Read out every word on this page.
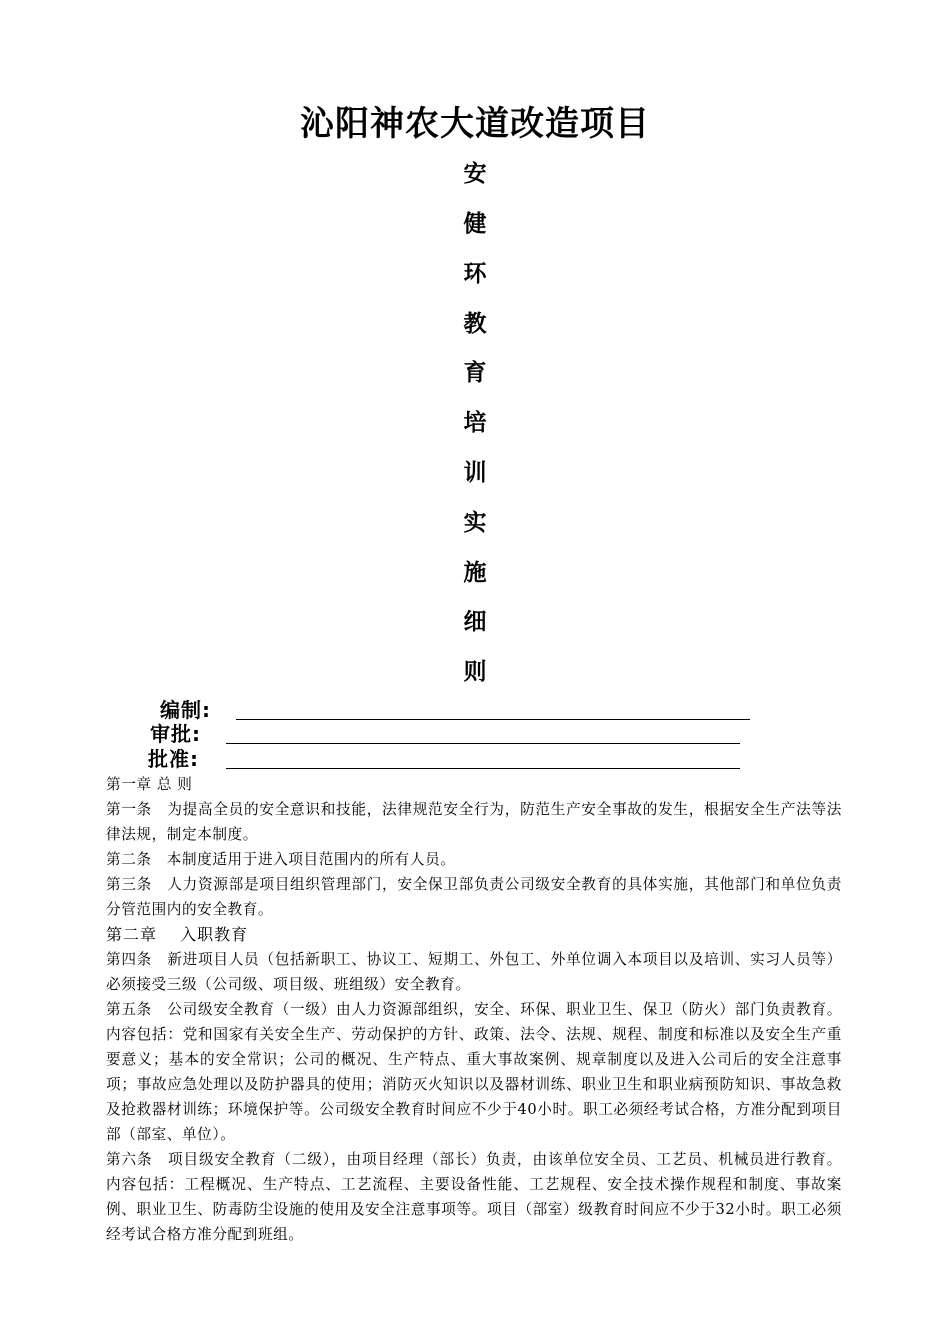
沁阳神农大道改造项目
安
健
环
教
育
培
训
实
施
细
则
编制:
审批:
批准:

第一章 总 则

第一条　为提高全员的安全意识和技能，法律规范安全行为，防范生产安全事故的发生，根据安全生产法等法律法规，制定本制度。

第二条　本制度适用于进入项目范围内的所有人员。

第三条　人力资源部是项目组织管理部门，安全保卫部负责公司级安全教育的具体实施，其他部门和单位负责分管范围内的安全教育。

第二章　 入职教育

第四条　新进项目人员（包括新职工、协议工、短期工、外包工、外单位调入本项目以及培训、实习人员等）必须接受三级（公司级、项目级、班组级）安全教育。

第五条　公司级安全教育（一级）由人力资源部组织，安全、环保、职业卫生、保卫（防火）部门负责教育。内容包括：党和国家有关安全生产、劳动保护的方针、政策、法令、法规、规程、制度和标准以及安全生产重要意义；基本的安全常识；公司的概况、生产特点、重大事故案例、规章制度以及进入公司后的安全注意事项；事故应急处理以及防护器具的使用；消防灭火知识以及器材训练、职业卫生和职业病预防知识、事故急救及抢救器材训练；环境保护等。公司级安全教育时间应不少于40小时。职工必须经考试合格，方准分配到项目部（部室、单位）。

第六条　项目级安全教育（二级），由项目经理（部长）负责，由该单位安全员、工艺员、机械员进行教育。内容包括：工程概况、生产特点、工艺流程、主要设备性能、工艺规程、安全技术操作规程和制度、事故案例、职业卫生、防毒防尘设施的使用及安全注意事项等。项目（部室）级教育时间应不少于32小时。职工必须经考试合格方准分配到班组。
